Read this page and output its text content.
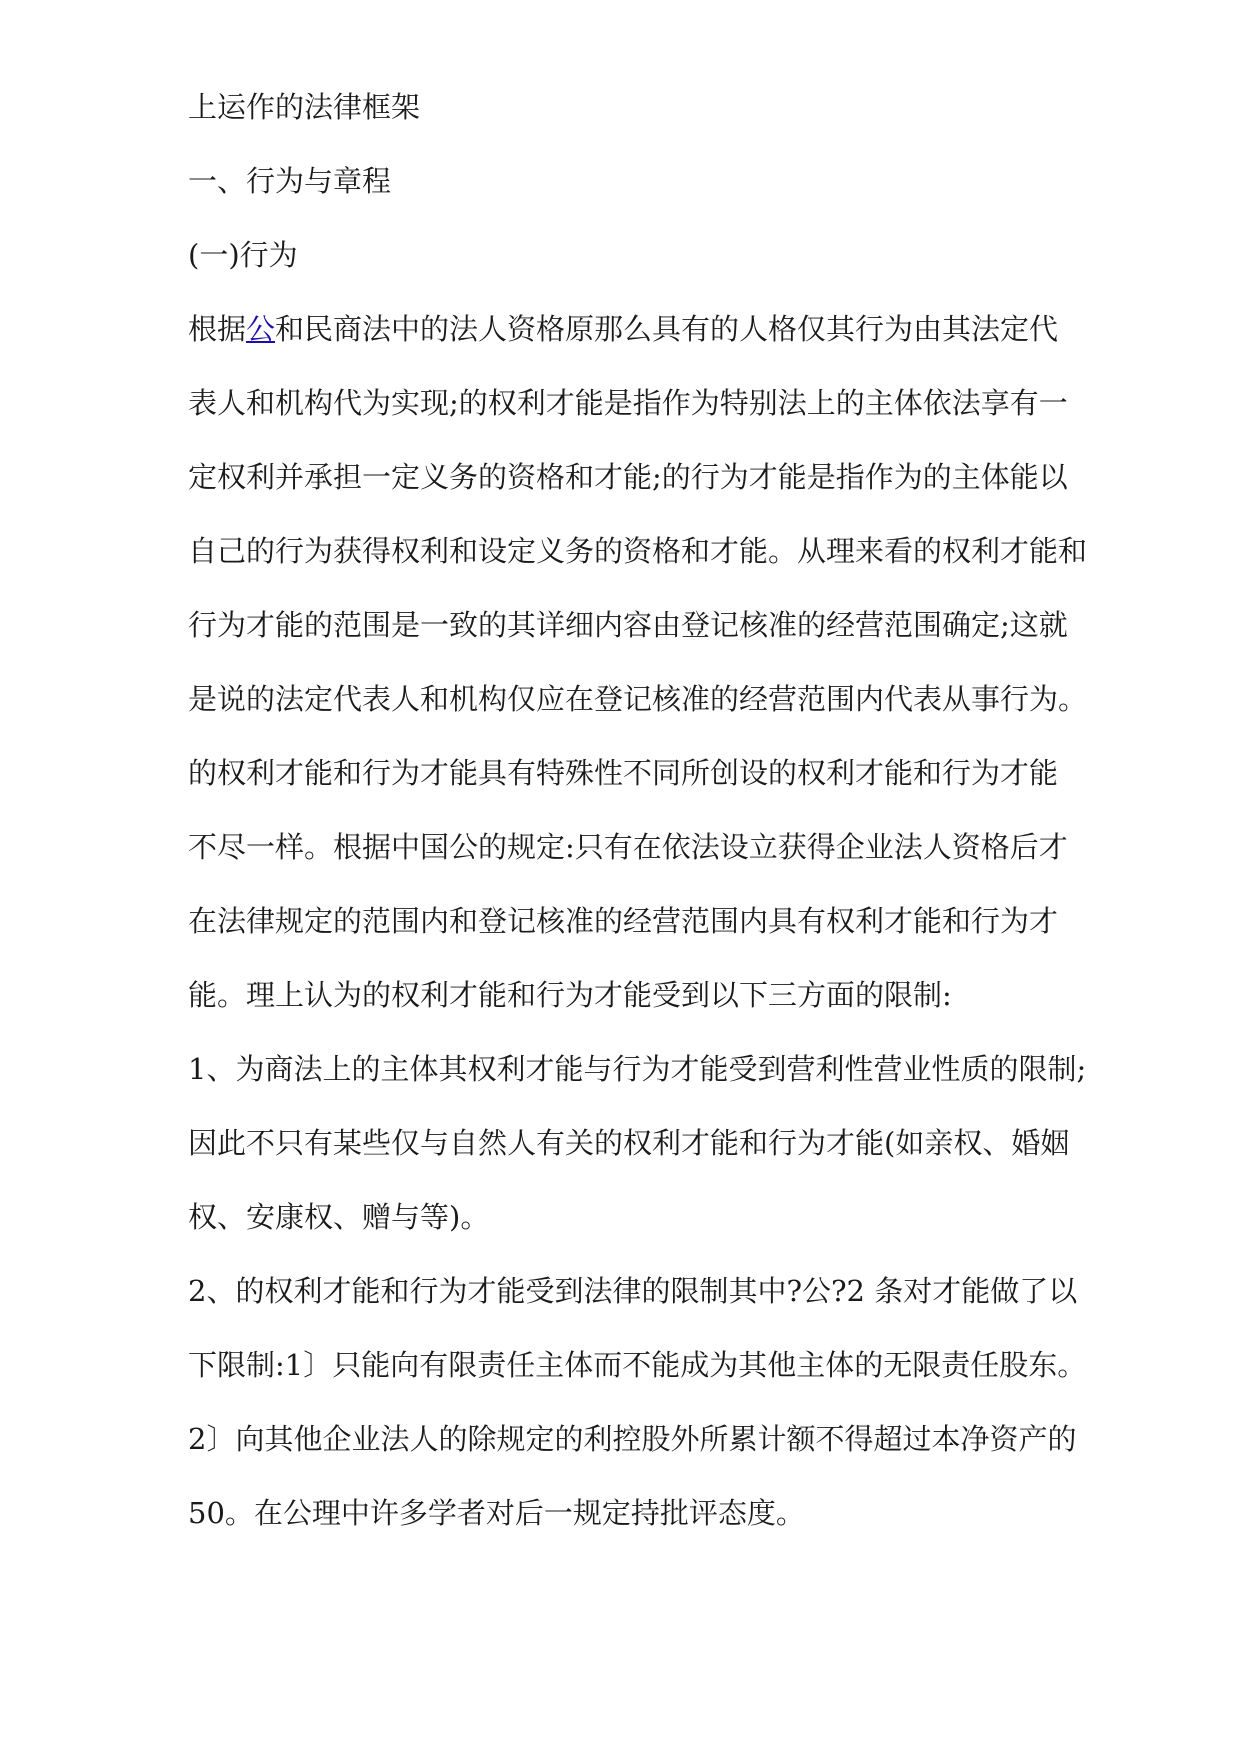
上运作的法律框架
一、行为与章程
(一)行为
根据公和民商法中的法人资格原那么具有的人格仅其行为由其法定代
表人和机构代为实现;的权利才能是指作为特别法上的主体依法享有一
定权利并承担一定义务的资格和才能;的行为才能是指作为的主体能以
自己的行为获得权利和设定义务的资格和才能。从理来看的权利才能和
行为才能的范围是一致的其详细内容由登记核准的经营范围确定;这就
是说的法定代表人和机构仅应在登记核准的经营范围内代表从事行为。
的权利才能和行为才能具有特殊性不同所创设的权利才能和行为才能
不尽一样。根据中国公的规定:只有在依法设立获得企业法人资格后才
在法律规定的范围内和登记核准的经营范围内具有权利才能和行为才
能。理上认为的权利才能和行为才能受到以下三方面的限制:
1、为商法上的主体其权利才能与行为才能受到营利性营业性质的限制;
因此不只有某些仅与自然人有关的权利才能和行为才能(如亲权、婚姻
权、安康权、赠与等)。
2、的权利才能和行为才能受到法律的限制其中?公?2 条对才能做了以
下限制:1〕只能向有限责任主体而不能成为其他主体的无限责任股东。
2〕向其他企业法人的除规定的利控股外所累计额不得超过本净资产的
50。在公理中许多学者对后一规定持批评态度。
